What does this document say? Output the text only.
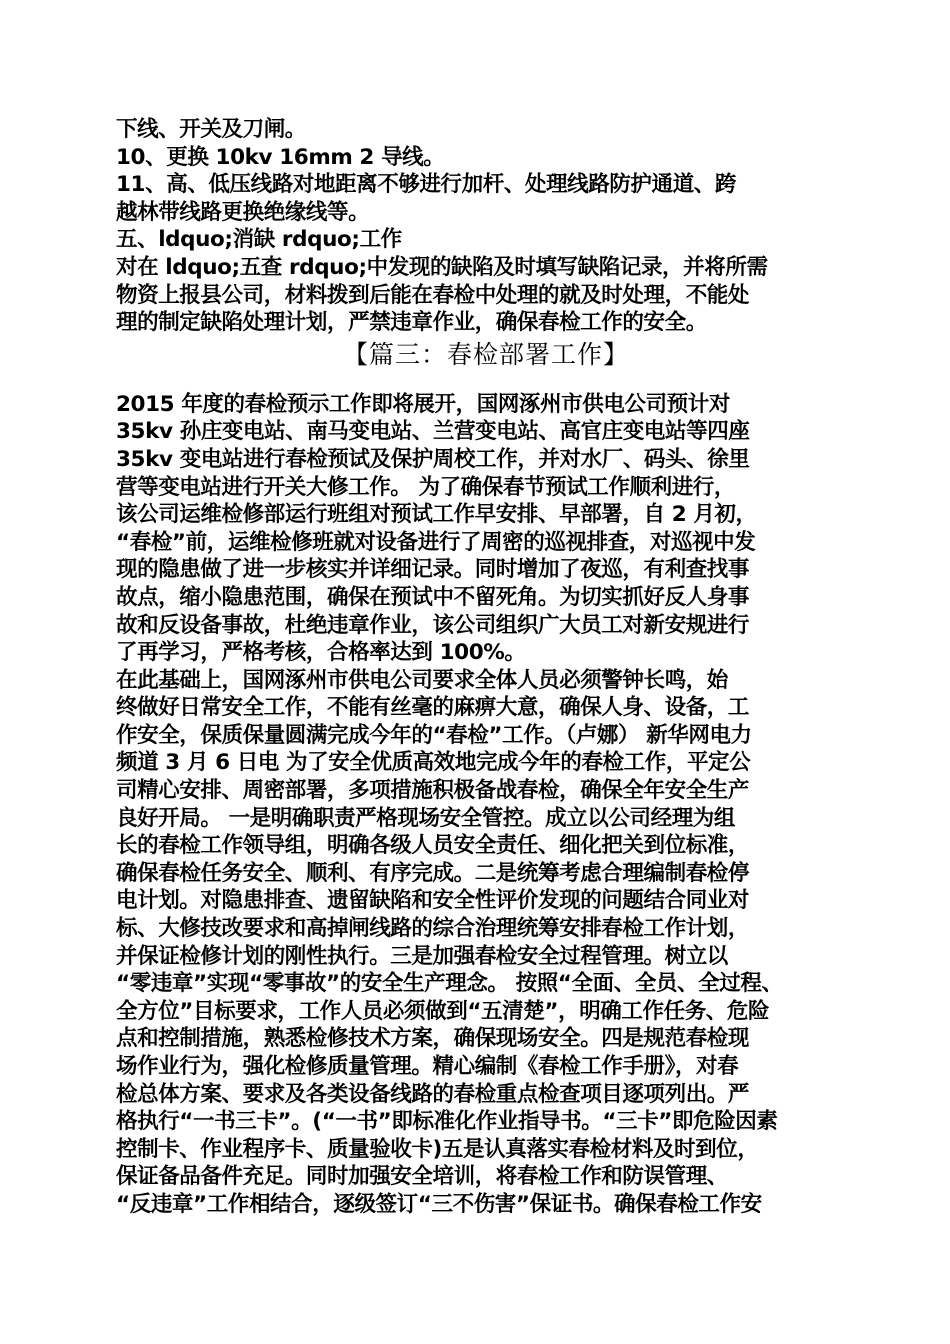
下线、开关及刀闸。
10、更换 10kv 16mm 2 导线。
11、高、低压线路对地距离不够进行加杆、处理线路防护通道、跨
越林带线路更换绝缘线等。
五、ldquo;消缺 rdquo;工作
对在 ldquo;五查 rdquo;中发现的缺陷及时填写缺陷记录，并将所需
物资上报县公司，材料拨到后能在春检中处理的就及时处理，不能处
理的制定缺陷处理计划，严禁违章作业，确保春检工作的安全。
【篇三：春检部署工作】
2015 年度的春检预示工作即将展开，国网涿州市供电公司预计对
35kv 孙庄变电站、南马变电站、兰营变电站、高官庄变电站等四座
35kv 变电站进行春检预试及保护周校工作，并对水厂、码头、徐里
营等变电站进行开关大修工作。 为了确保春节预试工作顺利进行，
该公司运维检修部运行班组对预试工作早安排、早部署，自 2 月初，
“春检”前，运维检修班就对设备进行了周密的巡视排查，对巡视中发
现的隐患做了进一步核实并详细记录。同时增加了夜巡，有利查找事
故点，缩小隐患范围，确保在预试中不留死角。为切实抓好反人身事
故和反设备事故，杜绝违章作业，该公司组织广大员工对新安规进行
了再学习，严格考核，合格率达到 100%。
在此基础上，国网涿州市供电公司要求全体人员必须警钟长鸣，始
终做好日常安全工作，不能有丝毫的麻痹大意，确保人身、设备，工
作安全，保质保量圆满完成今年的“春检”工作。（卢娜） 新华网电力
频道 3 月 6 日电 为了安全优质高效地完成今年的春检工作，平定公
司精心安排、周密部署，多项措施积极备战春检，确保全年安全生产
良好开局。 一是明确职责严格现场安全管控。成立以公司经理为组
长的春检工作领导组，明确各级人员安全责任、细化把关到位标准，
确保春检任务安全、顺利、有序完成。二是统筹考虑合理编制春检停
电计划。对隐患排查、遗留缺陷和安全性评价发现的问题结合同业对
标、大修技改要求和高掉闸线路的综合治理统筹安排春检工作计划，
并保证检修计划的刚性执行。三是加强春检安全过程管理。树立以
“零违章”实现“零事故”的安全生产理念。 按照“全面、全员、全过程、
全方位”目标要求，工作人员必须做到“五清楚”，明确工作任务、危险
点和控制措施，熟悉检修技术方案，确保现场安全。四是规范春检现
场作业行为，强化检修质量管理。精心编制《春检工作手册》，对春
检总体方案、要求及各类设备线路的春检重点检查项目逐项列出。严
格执行“一书三卡”。(“一书”即标准化作业指导书。“三卡”即危险因素
控制卡、作业程序卡、质量验收卡)五是认真落实春检材料及时到位，
保证备品备件充足。同时加强安全培训，将春检工作和防误管理、
“反违章”工作相结合，逐级签订“三不伤害”保证书。确保春检工作安
